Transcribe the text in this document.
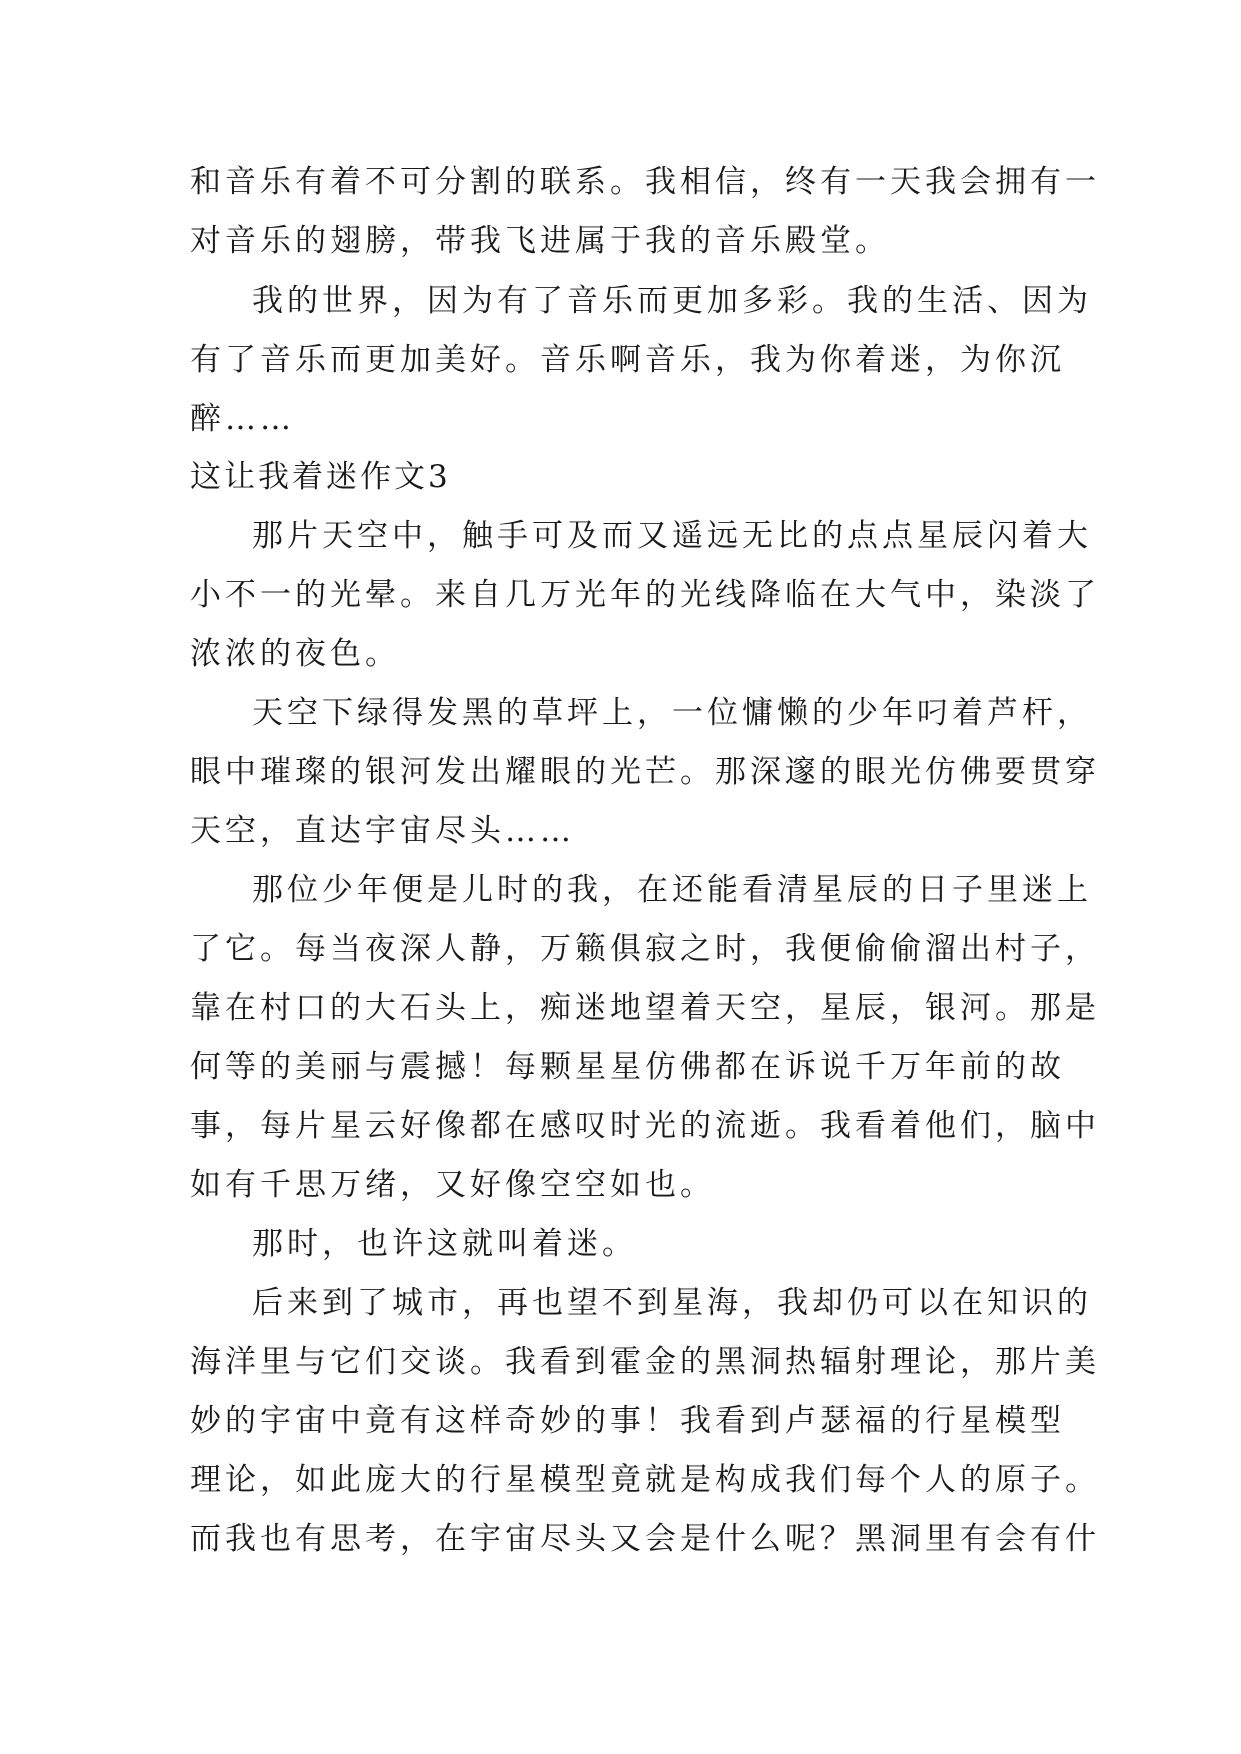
和音乐有着不可分割的联系。我相信，终有一天我会拥有一
对音乐的翅膀，带我飞进属于我的音乐殿堂。
我的世界，因为有了音乐而更加多彩。我的生活、因为
有了音乐而更加美好。音乐啊音乐，我为你着迷，为你沉
醉……
这让我着迷作文3
那片天空中，触手可及而又遥远无比的点点星辰闪着大
小不一的光晕。来自几万光年的光线降临在大气中，染淡了
浓浓的夜色。
天空下绿得发黑的草坪上，一位慵懒的少年叼着芦杆，
眼中璀璨的银河发出耀眼的光芒。那深邃的眼光仿佛要贯穿
天空，直达宇宙尽头……
那位少年便是儿时的我，在还能看清星辰的日子里迷上
了它。每当夜深人静，万籁俱寂之时，我便偷偷溜出村子，
靠在村口的大石头上，痴迷地望着天空，星辰，银河。那是
何等的美丽与震撼！每颗星星仿佛都在诉说千万年前的故
事，每片星云好像都在感叹时光的流逝。我看着他们，脑中
如有千思万绪，又好像空空如也。
那时，也许这就叫着迷。
后来到了城市，再也望不到星海，我却仍可以在知识的
海洋里与它们交谈。我看到霍金的黑洞热辐射理论，那片美
妙的宇宙中竟有这样奇妙的事！我看到卢瑟福的行星模型
理论，如此庞大的行星模型竟就是构成我们每个人的原子。
而我也有思考，在宇宙尽头又会是什么呢？黑洞里有会有什
